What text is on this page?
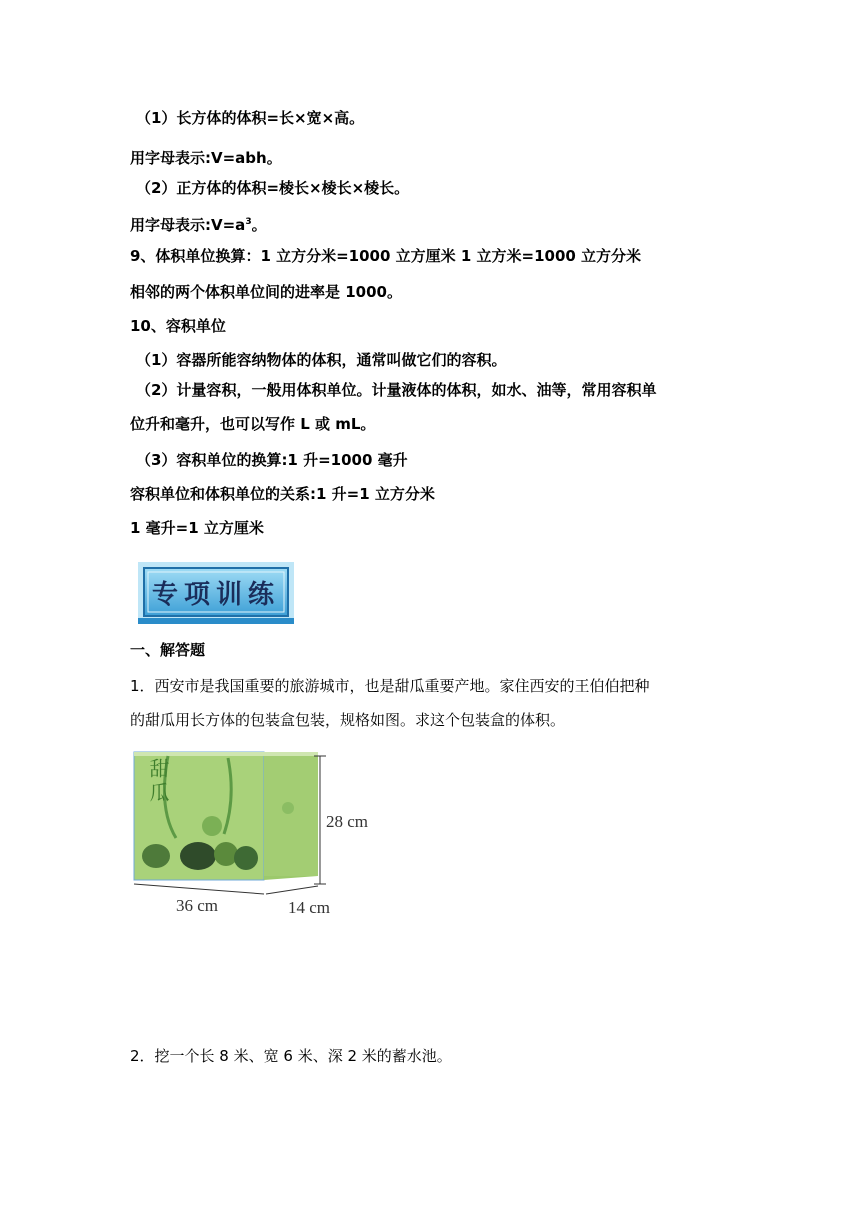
（1）长方体的体积=长×宽×高。
用字母表示:V=abh。
（2）正方体的体积=棱长×棱长×棱长。
用字母表示$:V=a^3$。
9、体积单位换算：1 立方分米=1000 立方厘米 1 立方米=1000 立方分米
相邻的两个体积单位间的进率是 1000。
10、容积单位
（1）容器所能容纳物体的体积，通常叫做它们的容积。
（2）计量容积，一般用体积单位。计量液体的体积，如水、油等，常用容积单
位升和毫升，也可以写作 L 或 mL。
（3）容积单位的换算:1 升=1000 毫升
容积单位和体积单位的关系:1 升=1 立方分米
1 毫升=1 立方厘米
专项训练
一、解答题
1．西安市是我国重要的旅游城市，也是甜瓜重要产地。家住西安的王伯伯把种
的甜瓜用长方体的包装盒包装，规格如图。求这个包装盒的体积。
甜瓜
28 cm
36 cm	14 cm
2．挖一个长 8 米、宽 6 米、深 2 米的蓄水池。
